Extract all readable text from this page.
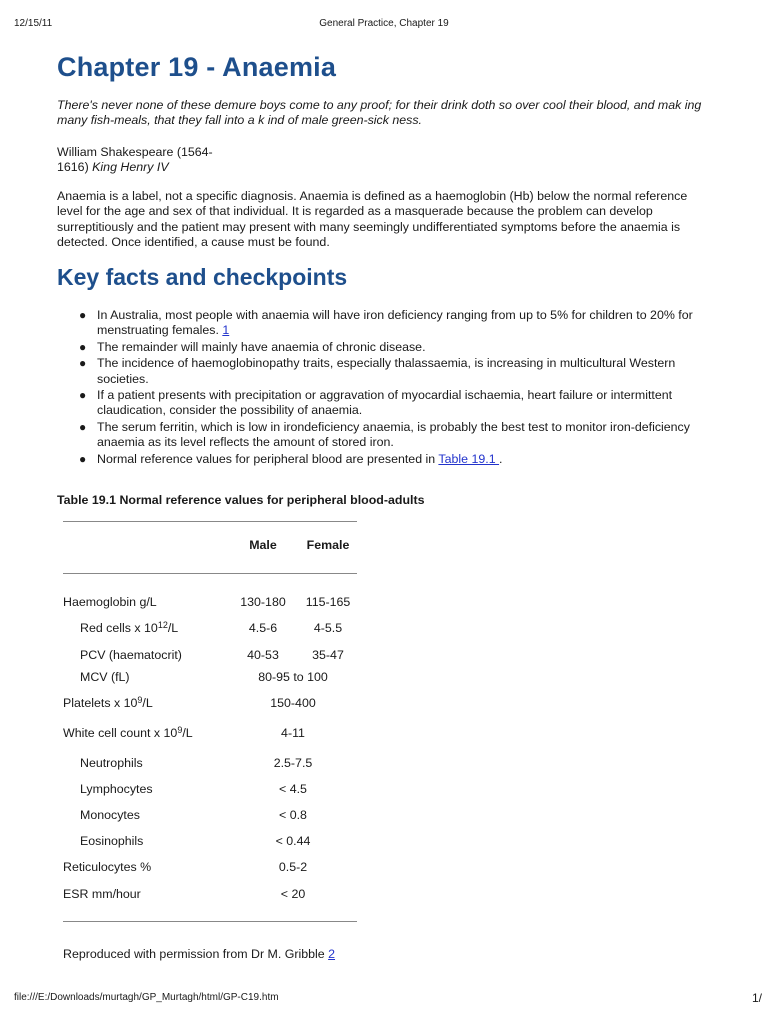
12/15/11	General Practice, Chapter 19
Chapter 19 - Anaemia

There's never none of these demure boys come to any proof; for their drink doth so over cool their blood, and mak ing many fish-meals, that they fall into a k ind of male green-sick ness.

William Shakespeare (1564-1616) King Henry IV

Anaemia is a label, not a specific diagnosis. Anaemia is defined as a haemoglobin (Hb) below the normal reference level for the age and sex of that individual. It is regarded as a masquerade because the problem can develop surreptitiously and the patient may present with many seemingly undifferentiated symptoms before the anaemia is detected. Once identified, a cause must be found.

Key facts and checkpoints
● In Australia, most people with anaemia will have iron deficiency ranging from up to 5% for children to 20% for menstruating females. 1
● The remainder will mainly have anaemia of chronic disease.
● The incidence of haemoglobinopathy traits, especially thalassaemia, is increasing in multicultural Western societies.
● If a patient presents with precipitation or aggravation of myocardial ischaemia, heart failure or intermittent claudication, consider the possibility of anaemia.
● The serum ferritin, which is low in irondeficiency anaemia, is probably the best test to monitor iron-deficiency anaemia as its level reflects the amount of stored iron.
● Normal reference values for peripheral blood are presented in Table 19.1 .
Table 19.1 Normal reference values for peripheral blood-adults
Male	Female
Haemoglobin g/L	130-180	115-165
Red cells x $10^{12}/L$	4.5-6	4-5.5
PCV (haematocrit)	40-53	35-47
MCV (fL)	80-95 to 100
Platelets x $10^9/L$	150-400
White cell count x $10^9/L$	4-11
Neutrophils	2.5-7.5
Lymphocytes	< 4.5
Monocytes	< 0.8
Eosinophils	< 0.44
Reticulocytes %	0.5-2
ESR mm/hour	< 20
Reproduced with permission from Dr M. Gribble 2
file:///E:/Downloads/murtagh/GP_Murtagh/html/GP-C19.htm	1/
